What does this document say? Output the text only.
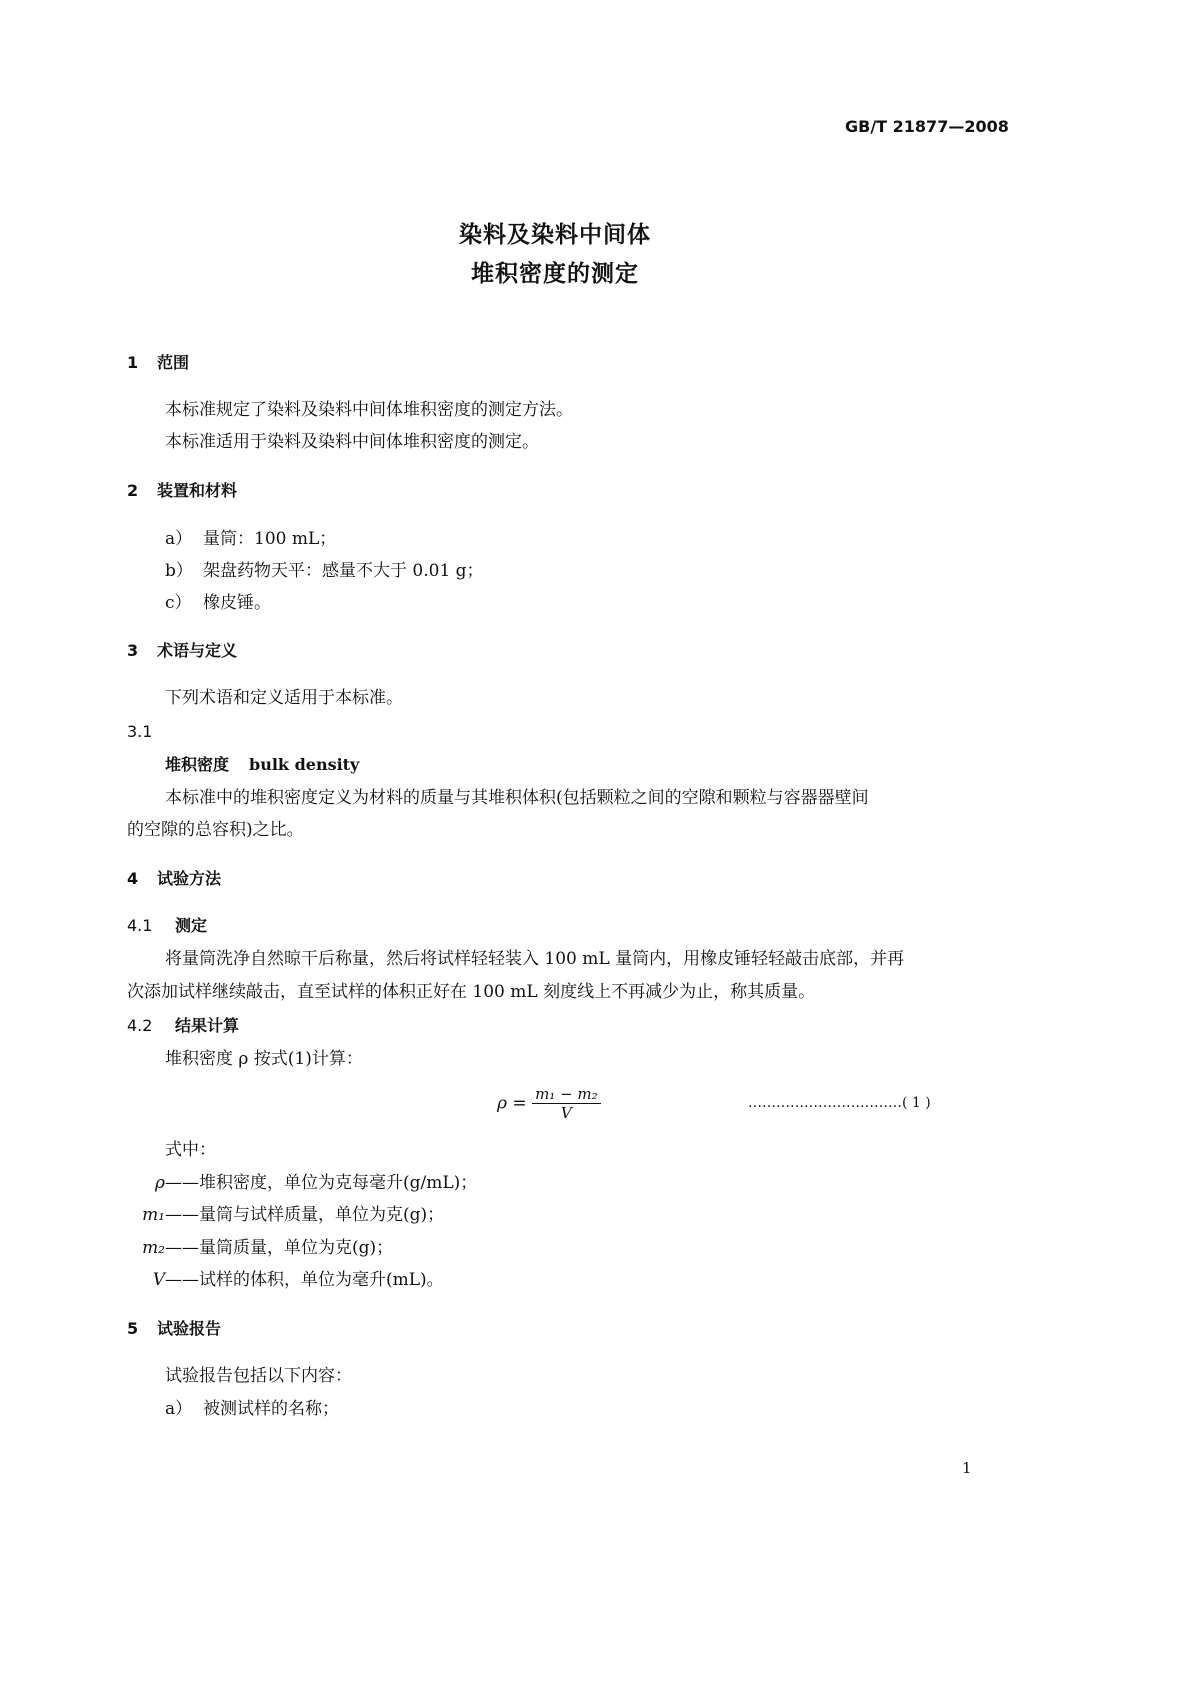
GB/T 21877—2008
染料及染料中间体
堆积密度的测定
1 范围
本标准规定了染料及染料中间体堆积密度的测定方法。
本标准适用于染料及染料中间体堆积密度的测定。
2 装置和材料
a） 量筒：100 mL；
b） 架盘药物天平：感量不大于 0.01 g；
c） 橡皮锤。
3 术语与定义
下列术语和定义适用于本标准。
3.1
堆积密度 bulk density
本标准中的堆积密度定义为材料的质量与其堆积体积(包括颗粒之间的空隙和颗粒与容器器壁间
的空隙的总容积)之比。
4 试验方法
4.1 测定
将量筒洗净自然晾干后称量，然后将试样轻轻装入 100 mL 量筒内，用橡皮锤轻轻敲击底部，并再
次添加试样继续敲击，直至试样的体积正好在 100 mL 刻度线上不再减少为止，称其质量。
4.2 结果计算
堆积密度 ρ 按式(1)计算：
$\rho = \frac{\text{m₁ − m₂}}{V}$	……………………………( 1 )
式中：
ρ——堆积密度，单位为克每毫升(g/mL)；
m₁——量筒与试样质量，单位为克(g)；
m₂——量筒质量，单位为克(g)；
V——试样的体积，单位为毫升(mL)。
5 试验报告
试验报告包括以下内容：
a） 被测试样的名称；
1
